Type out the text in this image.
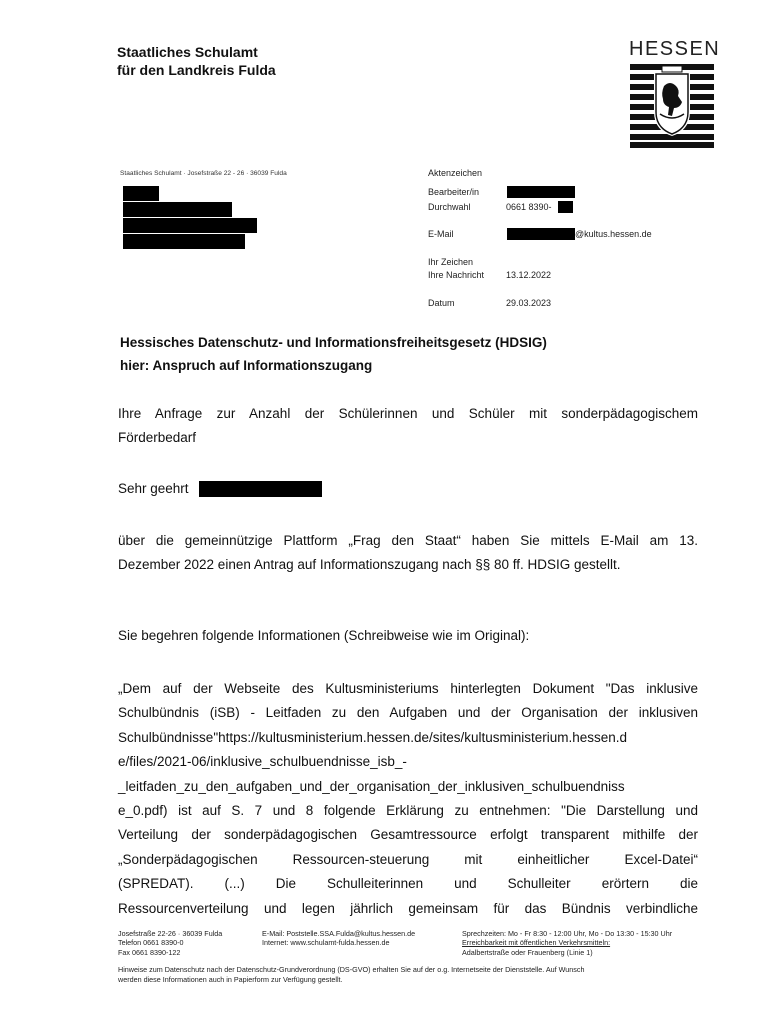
Staatliches Schulamt
für den Landkreis Fulda
HESSEN
Staatliches Schulamt · Josefstraße 22 - 26 · 36039 Fulda	Aktenzeichen
Bearbeiter/in
Durchwahl	0661 8390-
E-Mail	@kultus.hessen.de
Ihr Zeichen
Ihre Nachricht 13.12.2022
Datum	29.03.2023
Hessisches Datenschutz- und Informationsfreiheitsgesetz (HDSIG)
hier: Anspruch auf Informationszugang
Ihre Anfrage zur Anzahl der Schülerinnen und Schüler mit sonderpädagogischem
Förderbedarf
Sehr geehrt
über die gemeinnützige Plattform „Frag den Staat“ haben Sie mittels E-Mail am 13.
Dezember 2022 einen Antrag auf Informationszugang nach §§ 80 ff. HDSIG gestellt.
Sie begehren folgende Informationen (Schreibweise wie im Original):
„Dem auf der Webseite des Kultusministeriums hinterlegten Dokument "Das inklusive
Schulbündnis (iSB) - Leitfaden zu den Aufgaben und der Organisation der inklusiven
Schulbündnisse"https://kultusministerium.hessen.de/sites/kultusministerium.hessen.d
e/files/2021-06/inklusive_schulbuendnisse_isb_-
_leitfaden_zu_den_aufgaben_und_der_organisation_der_inklusiven_schulbuendniss
e_0.pdf) ist auf S. 7 und 8 folgende Erklärung zu entnehmen: "Die Darstellung und
Verteilung der sonderpädagogischen Gesamtressource erfolgt transparent mithilfe der
„Sonderpädagogischen Ressourcen-steuerung mit einheitlicher Excel-Datei“
(SPREDAT). (...) Die Schulleiterinnen und Schulleiter erörtern die
Ressourcenverteilung und legen jährlich gemeinsam für das Bündnis verbindliche
Josefstraße 22-26 · 36039 Fulda
Telefon 0661 8390-0
Fax 0661 8390-122
E-Mail: Poststelle.SSA.Fulda@kultus.hessen.de
Internet: www.schulamt-fulda.hessen.de
Sprechzeiten: Mo - Fr 8:30 - 12:00 Uhr, Mo - Do 13:30 - 15:30 Uhr
Erreichbarkeit mit öffentlichen Verkehrsmitteln:
Adalbertstraße oder Frauenberg (Linie 1)
Hinweise zum Datenschutz nach der Datenschutz-Grundverordnung (DS-GVO) erhalten Sie auf der o.g. Internetseite der Dienststelle. Auf Wunsch
werden diese Informationen auch in Papierform zur Verfügung gestellt.
